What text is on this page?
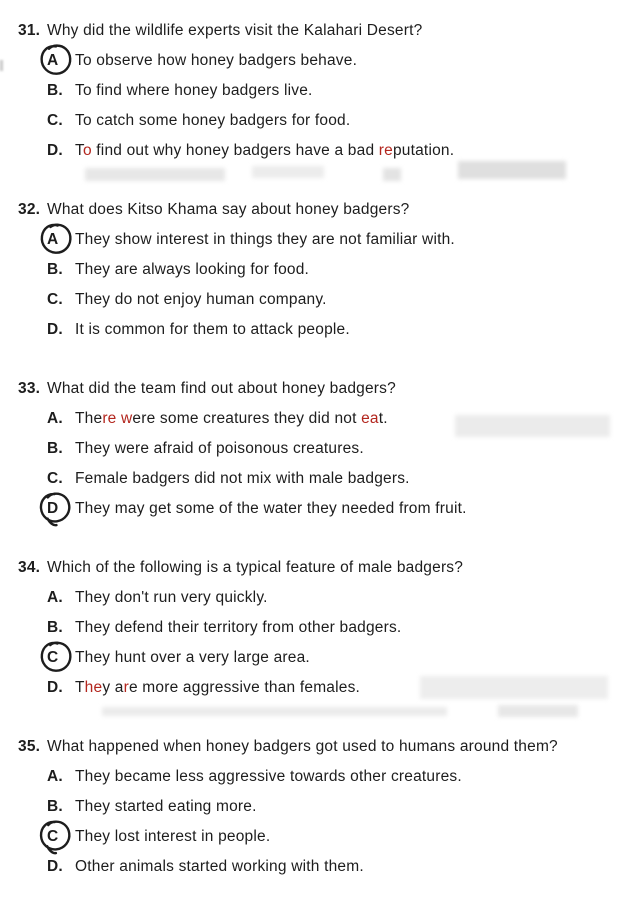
31. Why did the wildlife experts visit the Kalahari Desert?
A	To observe how honey badgers behave.
B. To find where honey badgers live.
C. To catch some honey badgers for food.
D. To find out why honey badgers have a bad reputation.
32. What does Kitso Khama say about honey badgers?
A	They show interest in things they are not familiar with.
B. They are always looking for food.
C. They do not enjoy human company.
D. It is common for them to attack people.
33. What did the team find out about honey badgers?
A. There were some creatures they did not eat.
B. They were afraid of poisonous creatures.
C. Female badgers did not mix with male badgers.
D	They may get some of the water they needed from fruit.
34. Which of the following is a typical feature of male badgers?
A. They don't run very quickly.
B. They defend their territory from other badgers.
C	They hunt over a very large area.
D. They are more aggressive than females.
35. What happened when honey badgers got used to humans around them?
A. They became less aggressive towards other creatures.
B. They started eating more.
C	They lost interest in people.
D. Other animals started working with them.
